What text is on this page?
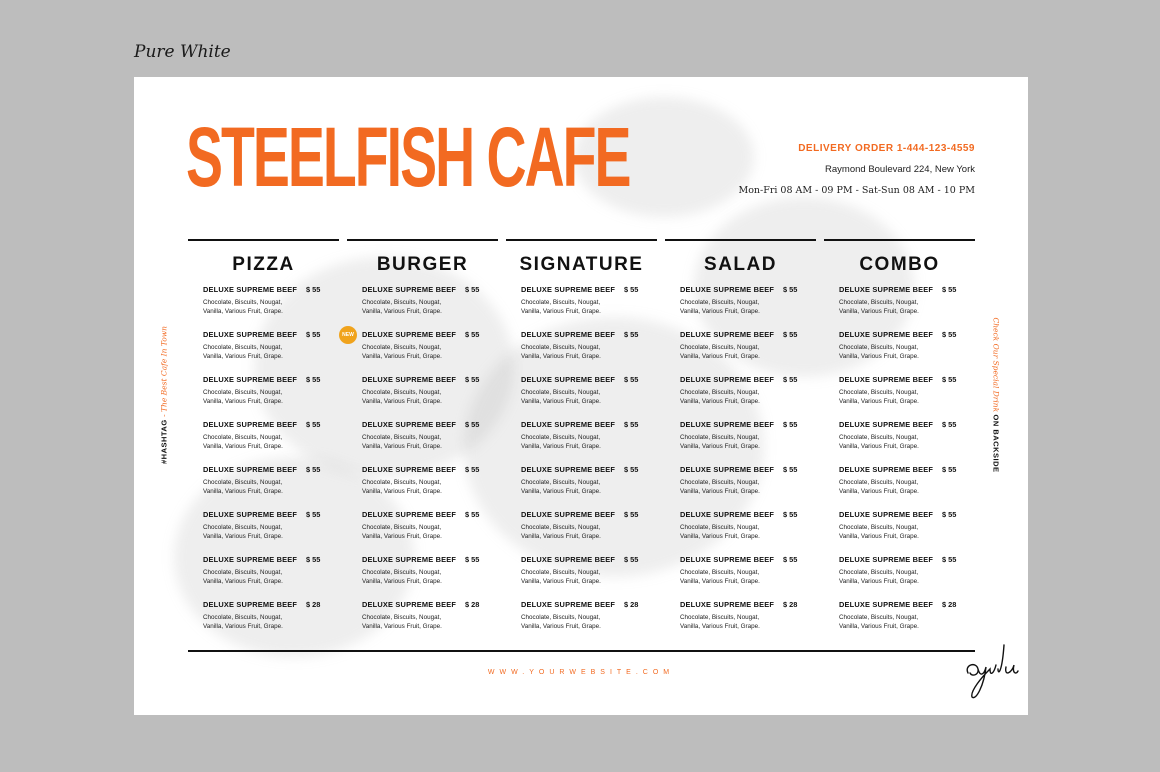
Pure White
STEELFISH CAFE	DELIVERY ORDER 1-444-123-4559
Raymond Boulevard 224, New York
Mon-Fri 08 AM - 09 PM - Sat-Sun 08 AM - 10 PM
#HASHTAG - The Best Cafe In Town	Check Our Special Drink ON BACKSIDE
PIZZA
DELUXE SUPREME BEEF	$ 55
Chocolate, Biscuits, Nougat, Vanilla, Various Fruit, Grape.
DELUXE SUPREME BEEF	$ 55
Chocolate, Biscuits, Nougat, Vanilla, Various Fruit, Grape.
DELUXE SUPREME BEEF	$ 55
Chocolate, Biscuits, Nougat, Vanilla, Various Fruit, Grape.
DELUXE SUPREME BEEF	$ 55
Chocolate, Biscuits, Nougat, Vanilla, Various Fruit, Grape.
DELUXE SUPREME BEEF	$ 55
Chocolate, Biscuits, Nougat, Vanilla, Various Fruit, Grape.
DELUXE SUPREME BEEF	$ 55
Chocolate, Biscuits, Nougat, Vanilla, Various Fruit, Grape.
DELUXE SUPREME BEEF	$ 55
Chocolate, Biscuits, Nougat, Vanilla, Various Fruit, Grape.
DELUXE SUPREME BEEF	$ 28
Chocolate, Biscuits, Nougat, Vanilla, Various Fruit, Grape.
BURGER
DELUXE SUPREME BEEF	$ 55
Chocolate, Biscuits, Nougat, Vanilla, Various Fruit, Grape.
NEW	DELUXE SUPREME BEEF	$ 55
Chocolate, Biscuits, Nougat, Vanilla, Various Fruit, Grape.
DELUXE SUPREME BEEF	$ 55
Chocolate, Biscuits, Nougat, Vanilla, Various Fruit, Grape.
DELUXE SUPREME BEEF	$ 55
Chocolate, Biscuits, Nougat, Vanilla, Various Fruit, Grape.
DELUXE SUPREME BEEF	$ 55
Chocolate, Biscuits, Nougat, Vanilla, Various Fruit, Grape.
DELUXE SUPREME BEEF	$ 55
Chocolate, Biscuits, Nougat, Vanilla, Various Fruit, Grape.
DELUXE SUPREME BEEF	$ 55
Chocolate, Biscuits, Nougat, Vanilla, Various Fruit, Grape.
DELUXE SUPREME BEEF	$ 28
Chocolate, Biscuits, Nougat, Vanilla, Various Fruit, Grape.
SIGNATURE
DELUXE SUPREME BEEF	$ 55
Chocolate, Biscuits, Nougat, Vanilla, Various Fruit, Grape.
DELUXE SUPREME BEEF	$ 55
Chocolate, Biscuits, Nougat, Vanilla, Various Fruit, Grape.
DELUXE SUPREME BEEF	$ 55
Chocolate, Biscuits, Nougat, Vanilla, Various Fruit, Grape.
DELUXE SUPREME BEEF	$ 55
Chocolate, Biscuits, Nougat, Vanilla, Various Fruit, Grape.
DELUXE SUPREME BEEF	$ 55
Chocolate, Biscuits, Nougat, Vanilla, Various Fruit, Grape.
DELUXE SUPREME BEEF	$ 55
Chocolate, Biscuits, Nougat, Vanilla, Various Fruit, Grape.
DELUXE SUPREME BEEF	$ 55
Chocolate, Biscuits, Nougat, Vanilla, Various Fruit, Grape.
DELUXE SUPREME BEEF	$ 28
Chocolate, Biscuits, Nougat, Vanilla, Various Fruit, Grape.
SALAD
DELUXE SUPREME BEEF	$ 55
Chocolate, Biscuits, Nougat, Vanilla, Various Fruit, Grape.
DELUXE SUPREME BEEF	$ 55
Chocolate, Biscuits, Nougat, Vanilla, Various Fruit, Grape.
DELUXE SUPREME BEEF	$ 55
Chocolate, Biscuits, Nougat, Vanilla, Various Fruit, Grape.
DELUXE SUPREME BEEF	$ 55
Chocolate, Biscuits, Nougat, Vanilla, Various Fruit, Grape.
DELUXE SUPREME BEEF	$ 55
Chocolate, Biscuits, Nougat, Vanilla, Various Fruit, Grape.
DELUXE SUPREME BEEF	$ 55
Chocolate, Biscuits, Nougat, Vanilla, Various Fruit, Grape.
DELUXE SUPREME BEEF	$ 55
Chocolate, Biscuits, Nougat, Vanilla, Various Fruit, Grape.
DELUXE SUPREME BEEF	$ 28
Chocolate, Biscuits, Nougat, Vanilla, Various Fruit, Grape.
COMBO
DELUXE SUPREME BEEF	$ 55
Chocolate, Biscuits, Nougat, Vanilla, Various Fruit, Grape.
DELUXE SUPREME BEEF	$ 55
Chocolate, Biscuits, Nougat, Vanilla, Various Fruit, Grape.
DELUXE SUPREME BEEF	$ 55
Chocolate, Biscuits, Nougat, Vanilla, Various Fruit, Grape.
DELUXE SUPREME BEEF	$ 55
Chocolate, Biscuits, Nougat, Vanilla, Various Fruit, Grape.
DELUXE SUPREME BEEF	$ 55
Chocolate, Biscuits, Nougat, Vanilla, Various Fruit, Grape.
DELUXE SUPREME BEEF	$ 55
Chocolate, Biscuits, Nougat, Vanilla, Various Fruit, Grape.
DELUXE SUPREME BEEF	$ 55
Chocolate, Biscuits, Nougat, Vanilla, Various Fruit, Grape.
DELUXE SUPREME BEEF	$ 28
Chocolate, Biscuits, Nougat, Vanilla, Various Fruit, Grape.
WWW.YOURWEBSITE.COM
